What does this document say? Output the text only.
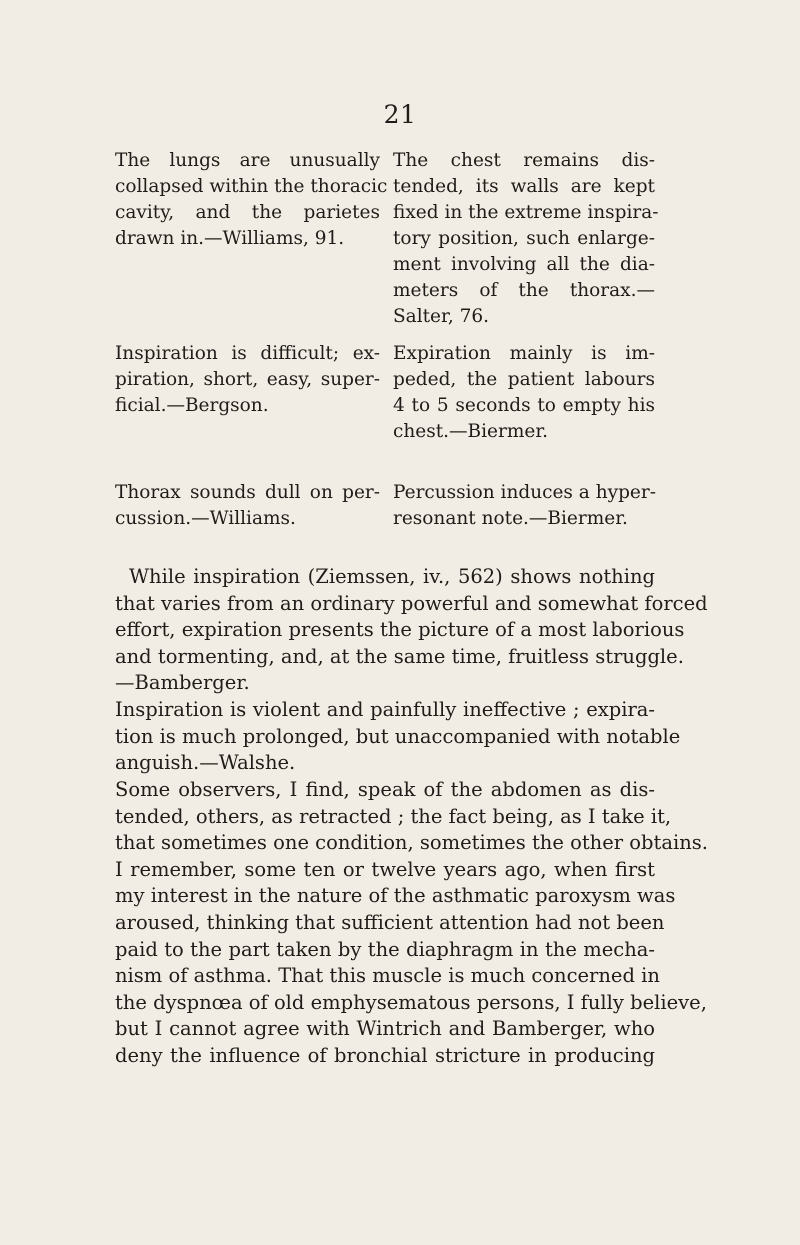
21

The lungs are unusually
collapsed within the thoracic
cavity, and the parietes
drawn in.—Williams, 91.

The chest remains dis-
tended, its walls are kept
fixed in the extreme inspira-
tory position, such enlarge-
ment involving all the dia-
meters of the thorax.—
Salter, 76.

Inspiration is difficult; ex-
piration, short, easy, super-
ficial.—Bergson.

Expiration mainly is im-
peded, the patient labours
4 to 5 seconds to empty his
chest.—Biermer.

Thorax sounds dull on per-
cussion.—Williams.

Percussion induces a hyper-
resonant note.—Biermer.

While inspiration (Ziemssen, iv., 562) shows nothing
that varies from an ordinary powerful and somewhat forced
effort, expiration presents the picture of a most laborious
and tormenting, and, at the same time, fruitless struggle.
—Bamberger.

Inspiration is violent and painfully ineffective ; expira-
tion is much prolonged, but unaccompanied with notable
anguish.—Walshe.

Some observers, I find, speak of the abdomen as dis-
tended, others, as retracted ; the fact being, as I take it,
that sometimes one condition, sometimes the other obtains.
I remember, some ten or twelve years ago, when first
my interest in the nature of the asthmatic paroxysm was
aroused, thinking that sufficient attention had not been
paid to the part taken by the diaphragm in the mecha-
nism of asthma. That this muscle is much concerned in
the dyspnœa of old emphysematous persons, I fully believe,
but I cannot agree with Wintrich and Bamberger, who
deny the influence of bronchial stricture in producing
